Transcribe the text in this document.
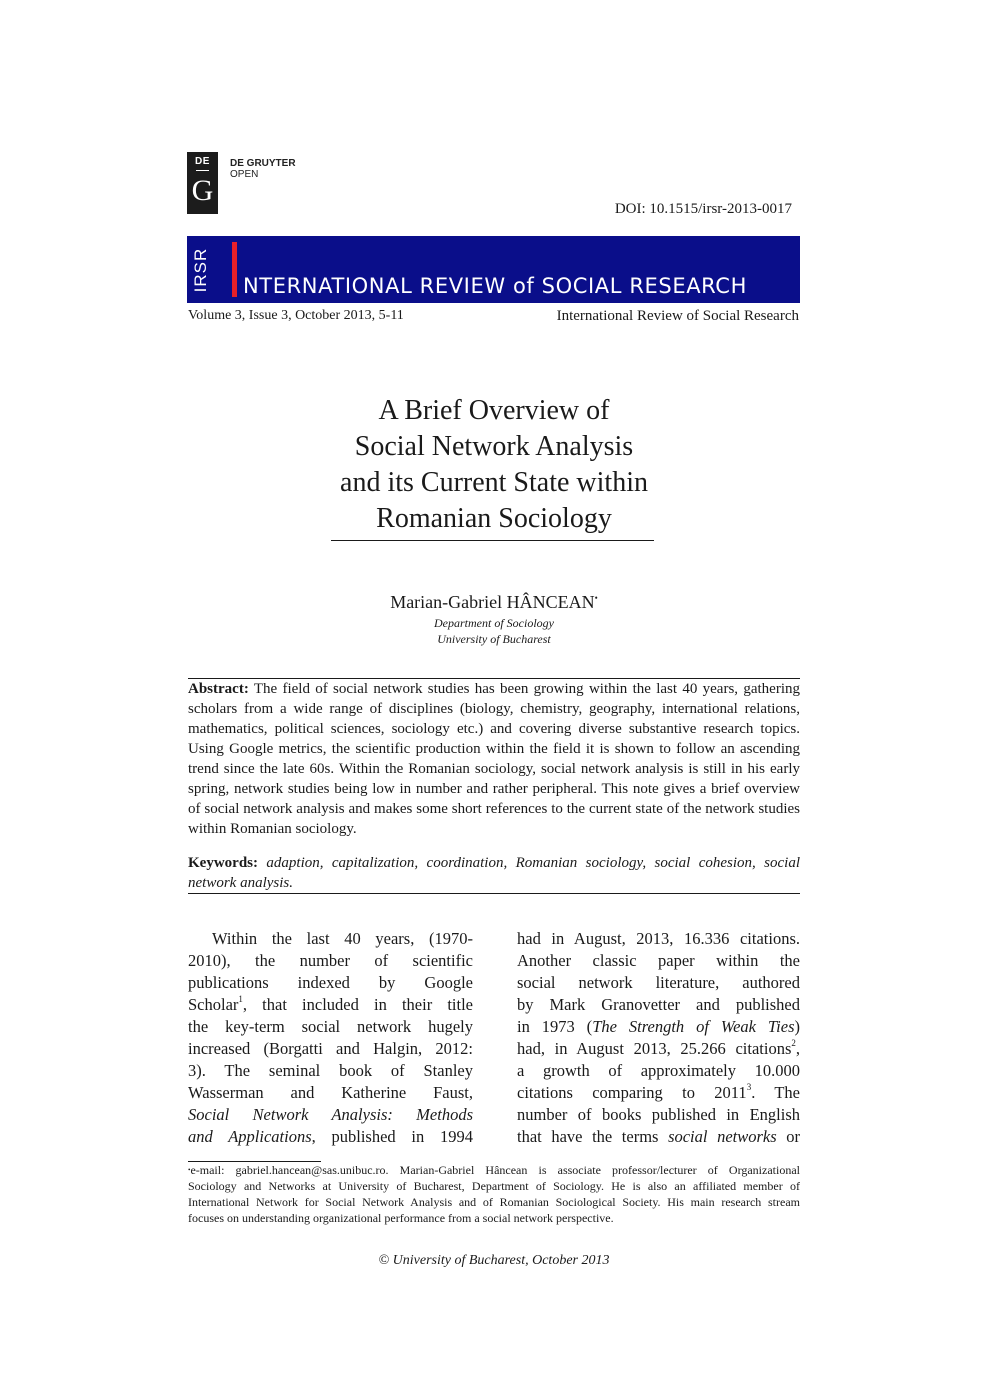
DE
G
DE GRUYTER
OPEN
DOI: 10.1515/irsr-2013-0017
IRSR NTERNATIONAL REVIEW of SOCIAL RESEARCH
Volume 3, Issue 3, October 2013, 5-11	International Review of Social Research
A Brief Overview of
Social Network Analysis
and its Current State within
Romanian Sociology
Marian-Gabriel HÂNCEAN•
Department of Sociology
University of Bucharest
Abstract: The field of social network studies has been growing within the last 40 years, gathering scholars from a wide range of disciplines (biology, chemistry, geography, international relations, mathematics, political sciences, sociology etc.) and covering diverse substantive research topics. Using Google metrics, the scientific production within the field it is shown to follow an ascending trend since the late 60s. Within the Romanian sociology, social network analysis is still in his early spring, network studies being low in number and rather peripheral. This note gives a brief overview of social network analysis and makes some short references to the current state of the network studies within Romanian sociology.
Keywords: adaption, capitalization, coordination, Romanian sociology, social cohesion, social network analysis.
Within the last 40 years, (1970-
2010), the number of scientific
publications indexed by Google
Scholar$^1$, that included in their title
the key-term social network hugely
increased (Borgatti and Halgin, 2012:
3). The seminal book of Stanley
Wasserman and Katherine Faust,
Social Network Analysis: Methods
and Applications, published in 1994
had in August, 2013, 16.336 citations.
Another classic paper within the
social network literature, authored
by Mark Granovetter and published
in 1973 (The Strength of Weak Ties)
had, in August 2013, 25.266 citations$^2$,
a growth of approximately 10.000
citations comparing to 2011$^3$. The
number of books published in English
that have the terms social networks or
•e-mail: gabriel.hancean@sas.unibuc.ro. Marian-Gabriel Hâncean is associate professor/lecturer of Organizational
Sociology and Networks at University of Bucharest, Department of Sociology. He is also an affiliated member of
International Network for Social Network Analysis and of Romanian Sociological Society. His main research stream
focuses on understanding organizational performance from a social network perspective.
© University of Bucharest, October 2013
